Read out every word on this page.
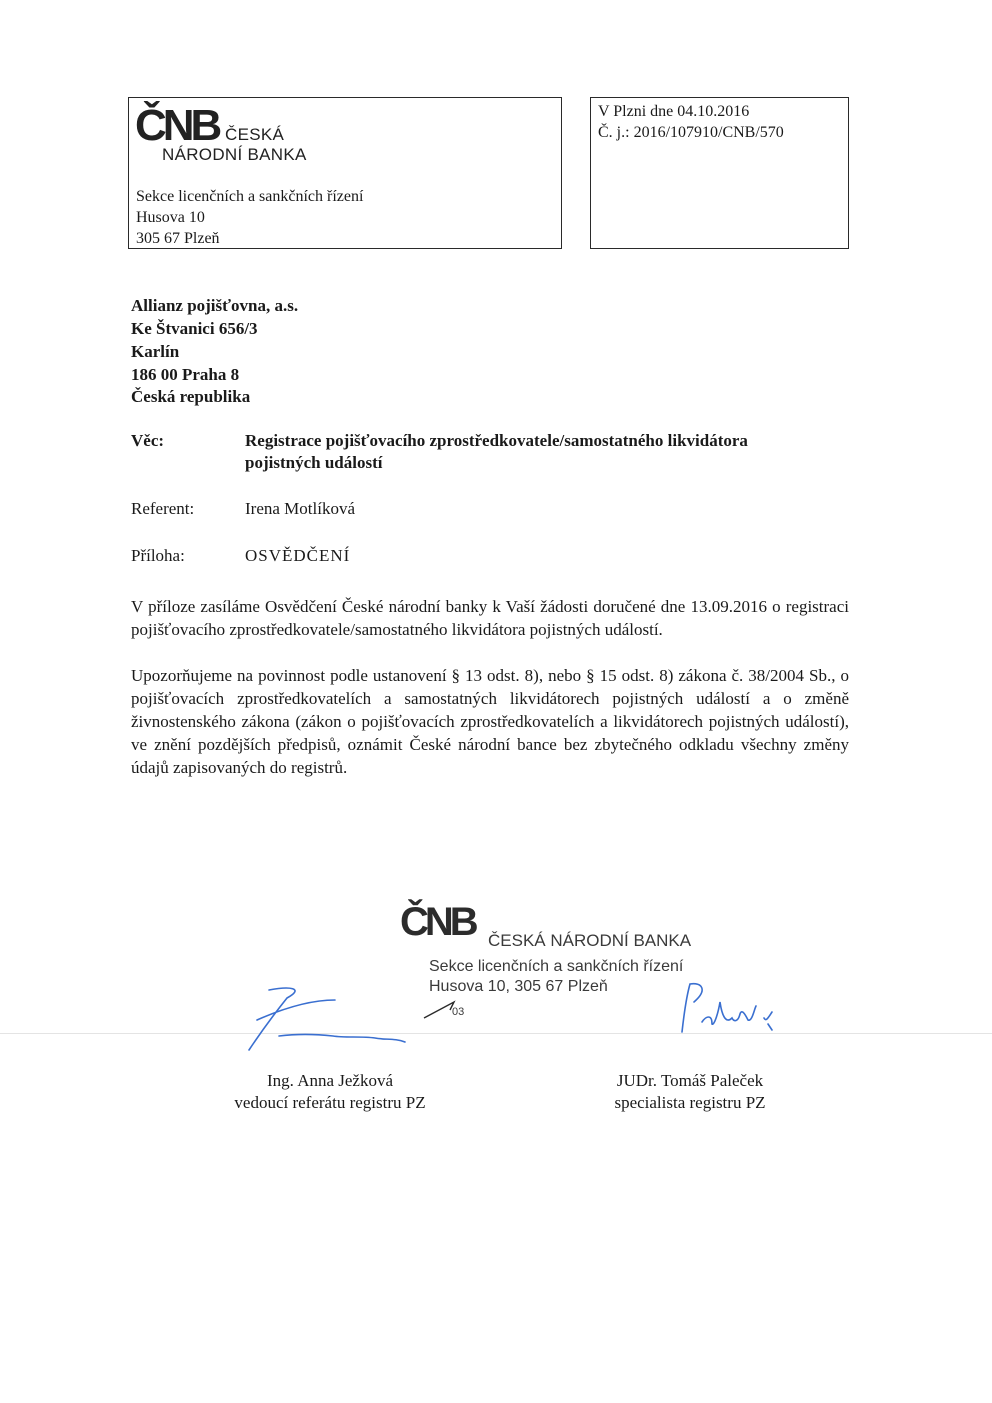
ČNB ČESKÁ
NÁRODNÍ BANKA
Sekce licenčních a sankčních řízení
Husova 10
305 67 Plzeň
V Plzni dne 04.10.2016
Č. j.: 2016/107910/CNB/570
Allianz pojišťovna, a.s.
Ke Štvanici 656/3
Karlín
186 00 Praha 8
Česká republika
Věc:	Registrace pojišťovacího zprostředkovatele/samostatného likvidátora
pojistných událostí
Referent:	Irena Motlíková
Příloha:	OSVĚDČENÍ
V příloze zasíláme Osvědčení České národní banky k Vaší žádosti doručené dne 13.09.2016 o registraci pojišťovacího zprostředkovatele/samostatného likvidátora pojistných událostí.
Upozorňujeme na povinnost podle ustanovení § 13 odst. 8), nebo § 15 odst. 8) zákona č. 38/2004 Sb., o pojišťovacích zprostředkovatelích a samostatných likvidátorech pojistných událostí a o změně živnostenského zákona (zákon o pojišťovacích zprostředkovatelích a likvidátorech pojistných událostí), ve znění pozdějších předpisů, oznámit České národní bance bez zbytečného odkladu všechny změny údajů zapisovaných do registrů.
ČNB ČESKÁ NÁRODNÍ BANKA
Sekce licenčních a sankčních řízení
Husova 10, 305 67 Plzeň
03
Ing. Anna Ježková
vedoucí referátu registru PZ
JUDr. Tomáš Paleček
specialista registru PZ
